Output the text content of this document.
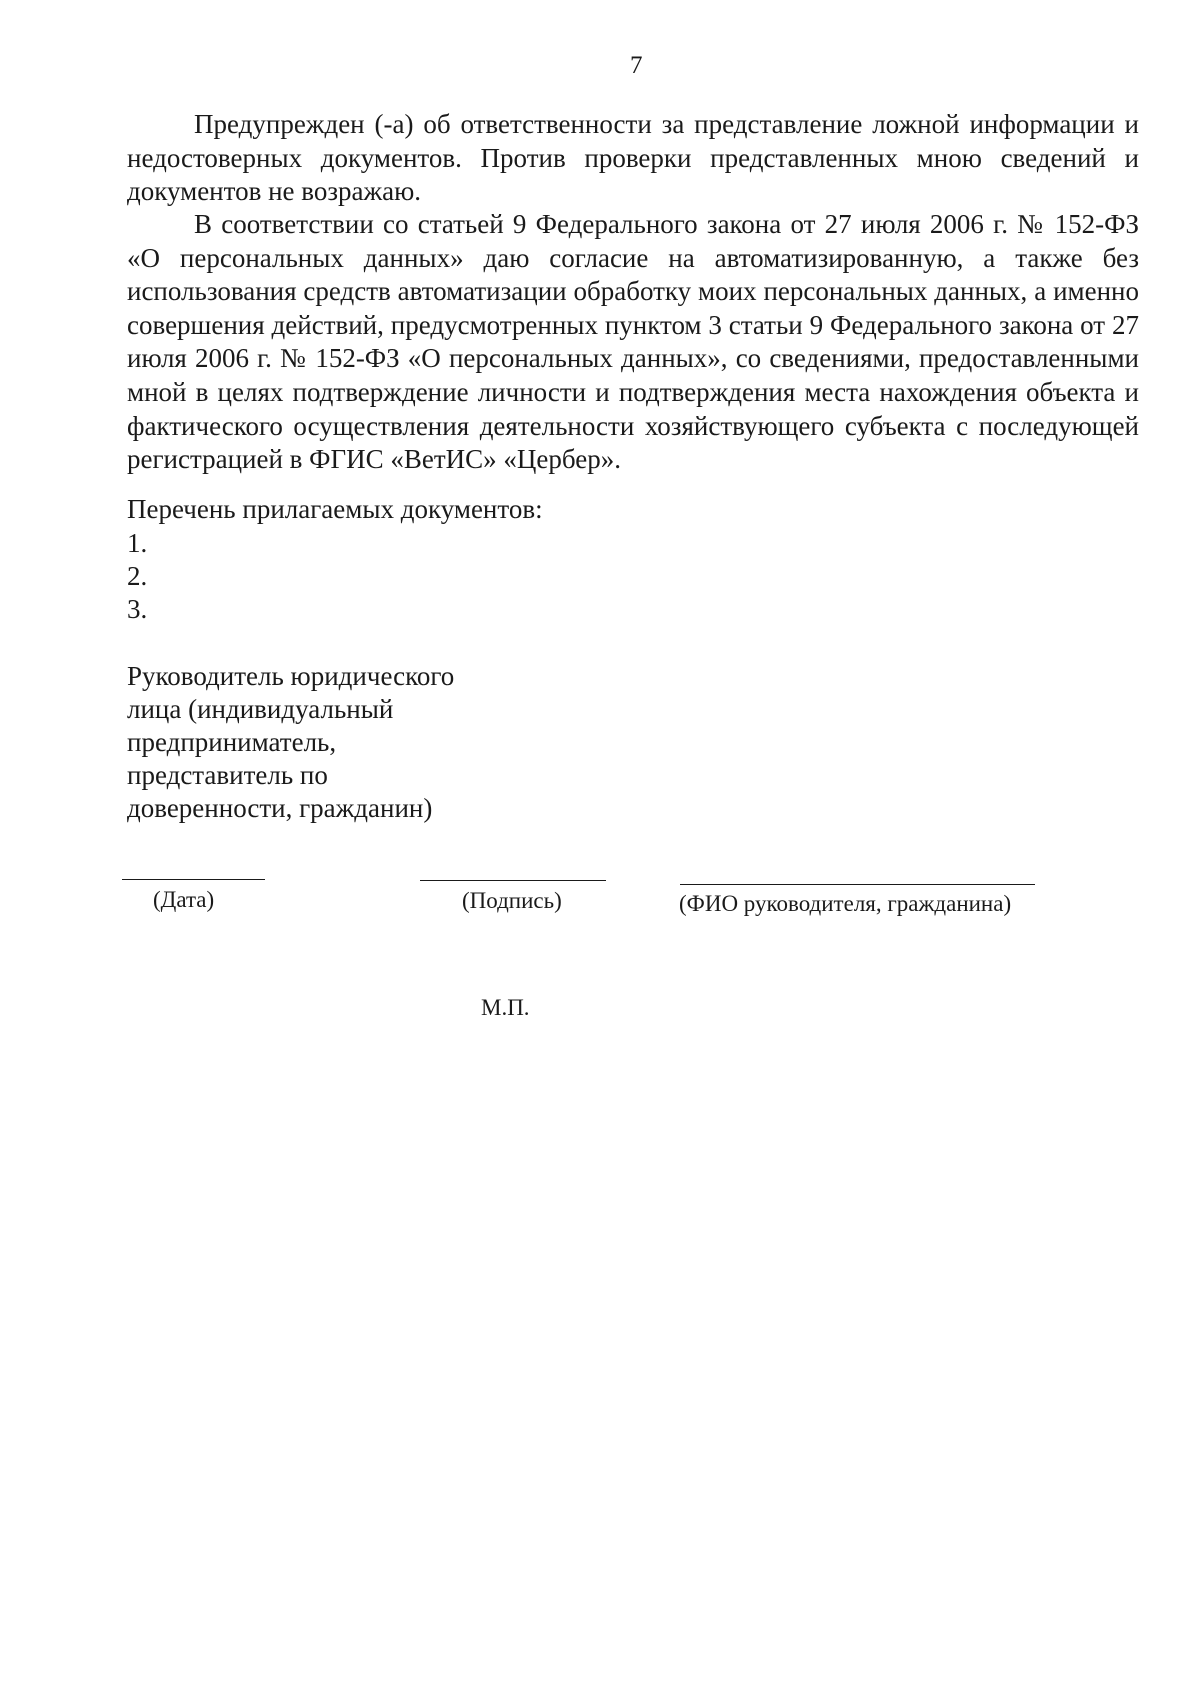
7

Предупрежден (-а) об ответственности за представление ложной информации и недостоверных документов. Против проверки представленных мною сведений и документов не возражаю.

В соответствии со статьей 9 Федерального закона от 27 июля 2006 г. № 152-ФЗ «О персональных данных» даю согласие на автоматизированную, а также без использования средств автоматизации обработку моих персональных данных, а именно совершения действий, предусмотренных пунктом 3 статьи 9 Федерального закона от 27 июля 2006 г. № 152-ФЗ «О персональных данных», со сведениями, предоставленными мной в целях подтверждение личности и подтверждения места нахождения объекта и фактического осуществления деятельности хозяйствующего субъекта с последующей регистрацией в ФГИС «ВетИС» «Цербер».

Перечень прилагаемых документов:
1.
2.
3.
Руководитель юридического
лица (индивидуальный
предприниматель,
представитель по
доверенности, гражданин)
(Дата)	(Подпись)	(ФИО руководителя, гражданина)
М.П.
